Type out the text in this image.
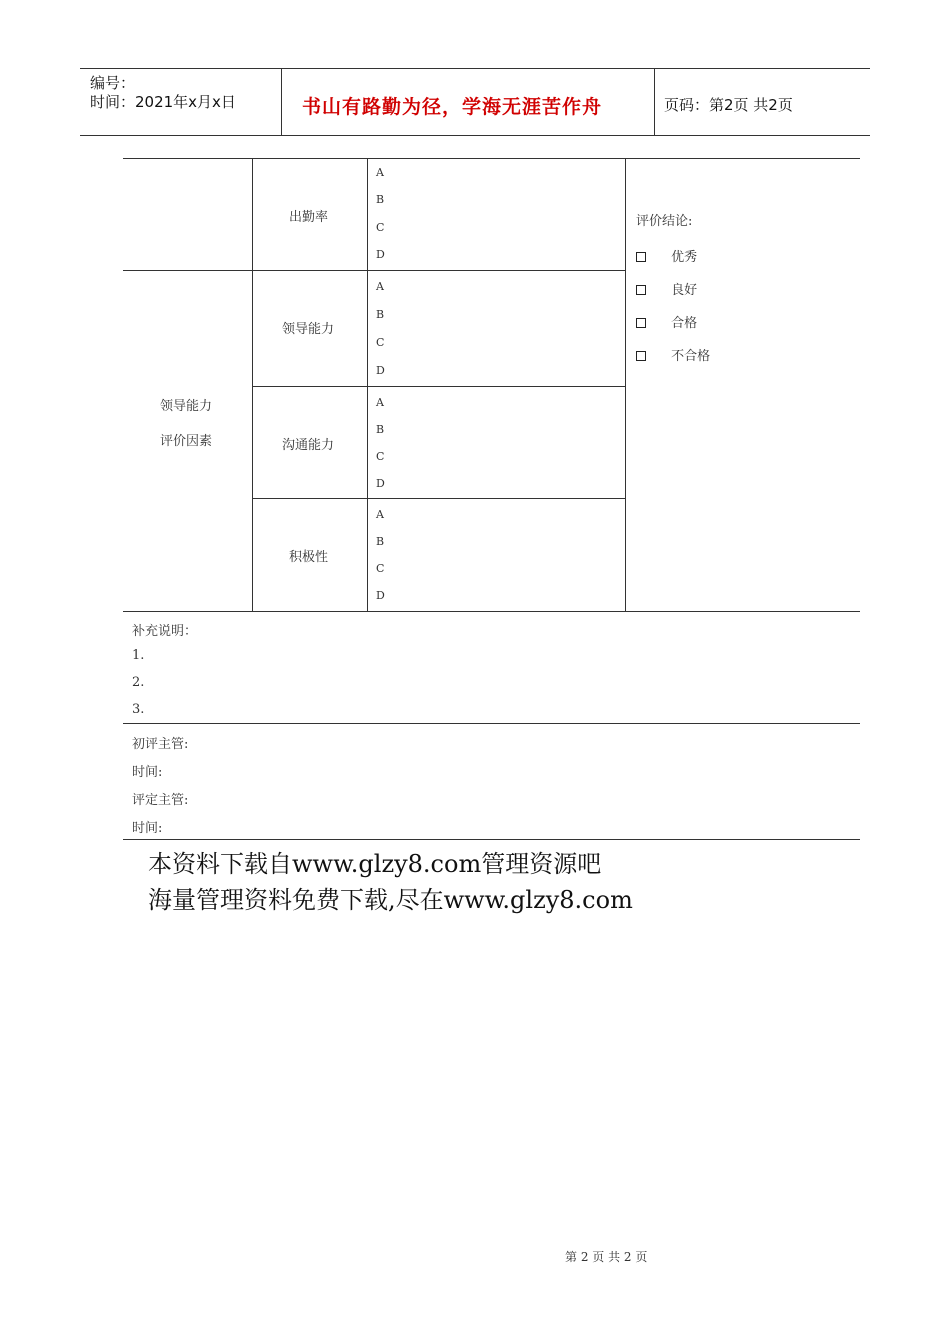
编号：
时间：2021年x月x日	书山有路勤为径，学海无涯苦作舟	页码：第2页 共2页
出勤率
A
B
C
D
领导能力
评价因素
领导能力
A
B
C
D
沟通能力
A
B
C
D
积极性
A
B
C
D
评价结论:
优秀
良好
合格
不合格
补充说明：
1.
2.
3.
初评主管:
时间:
评定主管:
时间:
本资料下载自www.glzy8.com管理资源吧
海量管理资料免费下载,尽在www.glzy8.com
第 2 页 共 2 页
